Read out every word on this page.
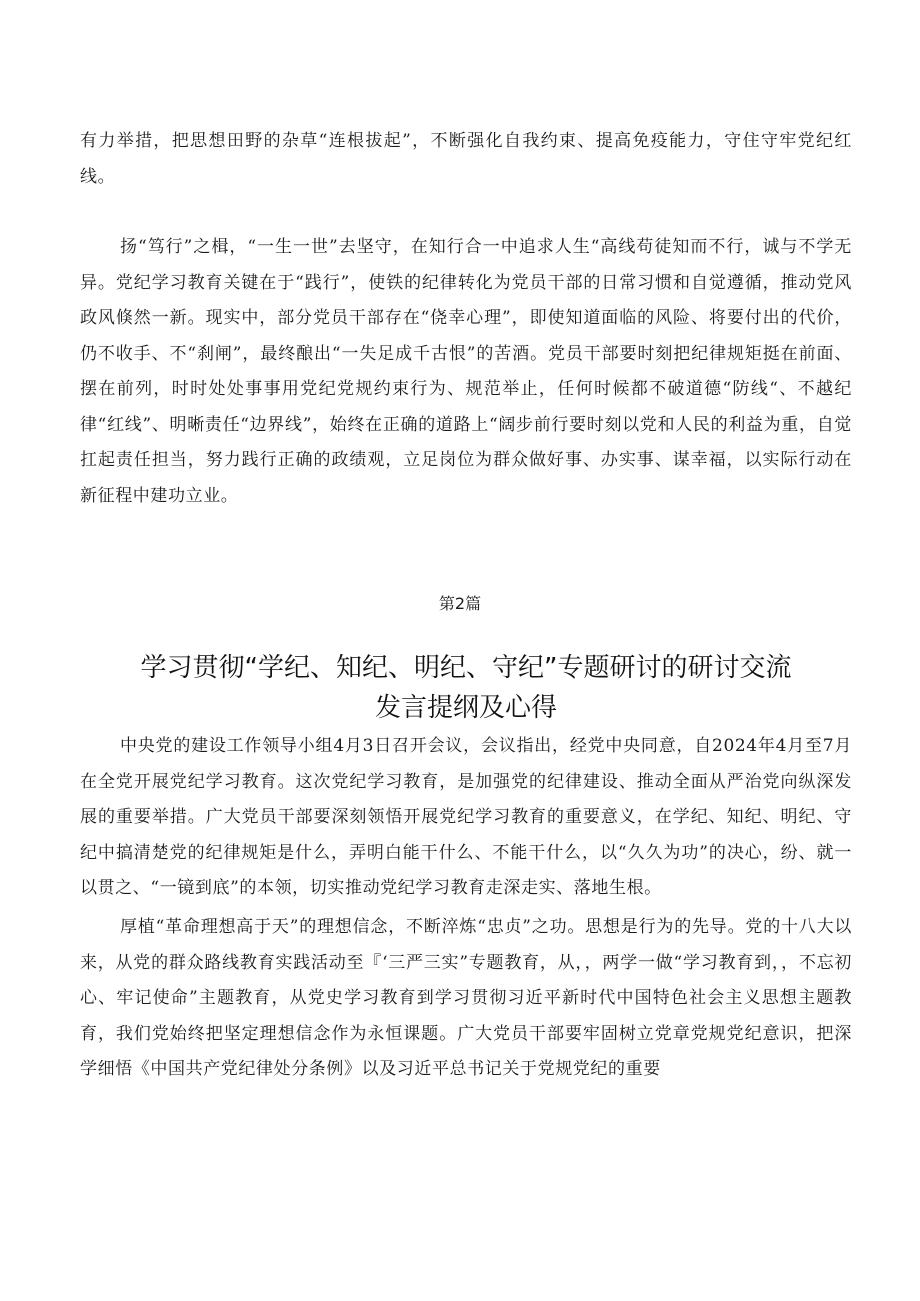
有力举措，把思想田野的杂草“连根拔起”，不断强化自我约束、提高免疫能力，守住守牢党纪红线。

扬“笃行”之楫，“一生一世”去坚守，在知行合一中追求人生“高线苟徒知而不行，诚与不学无异。党纪学习教育关键在于“践行”，使铁的纪律转化为党员干部的日常习惯和自觉遵循，推动党风政风倏然一新。现实中，部分党员干部存在“侥幸心理”，即使知道面临的风险、将要付出的代价，仍不收手、不“刹闸”，最终酿出“一失足成千古恨”的苦酒。党员干部要时刻把纪律规矩挺在前面、摆在前列，时时处处事事用党纪党规约束行为、规范举止，任何时候都不破道德“防线“、不越纪律“红线”、明晰责任“边界线”，始终在正确的道路上“阔步前行要时刻以党和人民的利益为重，自觉扛起责任担当，努力践行正确的政绩观，立足岗位为群众做好事、办实事、谋幸福，以实际行动在新征程中建功立业。

第2篇

学习贯彻“学纪、知纪、明纪、守纪”专题研讨的研讨交流
发言提纲及心得

中央党的建设工作领导小组4月3日召开会议，会议指出，经党中央同意，自2024年4月至7月在全党开展党纪学习教育。这次党纪学习教育，是加强党的纪律建设、推动全面从严治党向纵深发展的重要举措。广大党员干部要深刻领悟开展党纪学习教育的重要意义，在学纪、知纪、明纪、守纪中搞清楚党的纪律规矩是什么，弄明白能干什么、不能干什么，以“久久为功”的决心，纷、就一以贯之、“一镜到底”的本领，切实推动党纪学习教育走深走实、落地生根。

厚植“革命理想高于天”的理想信念，不断淬炼“忠贞”之功。思想是行为的先导。党的十八大以来，从党的群众路线教育实践活动至『‘三严三实”专题教育，从，，两学一做“学习教育到，，不忘初心、牢记使命”主题教育，从党史学习教育到学习贯彻习近平新时代中国特色社会主义思想主题教育，我们党始终把坚定理想信念作为永恒课题。广大党员干部要牢固树立党章党规党纪意识，把深学细悟《中国共产党纪律处分条例》以及习近平总书记关于党规党纪的重要
